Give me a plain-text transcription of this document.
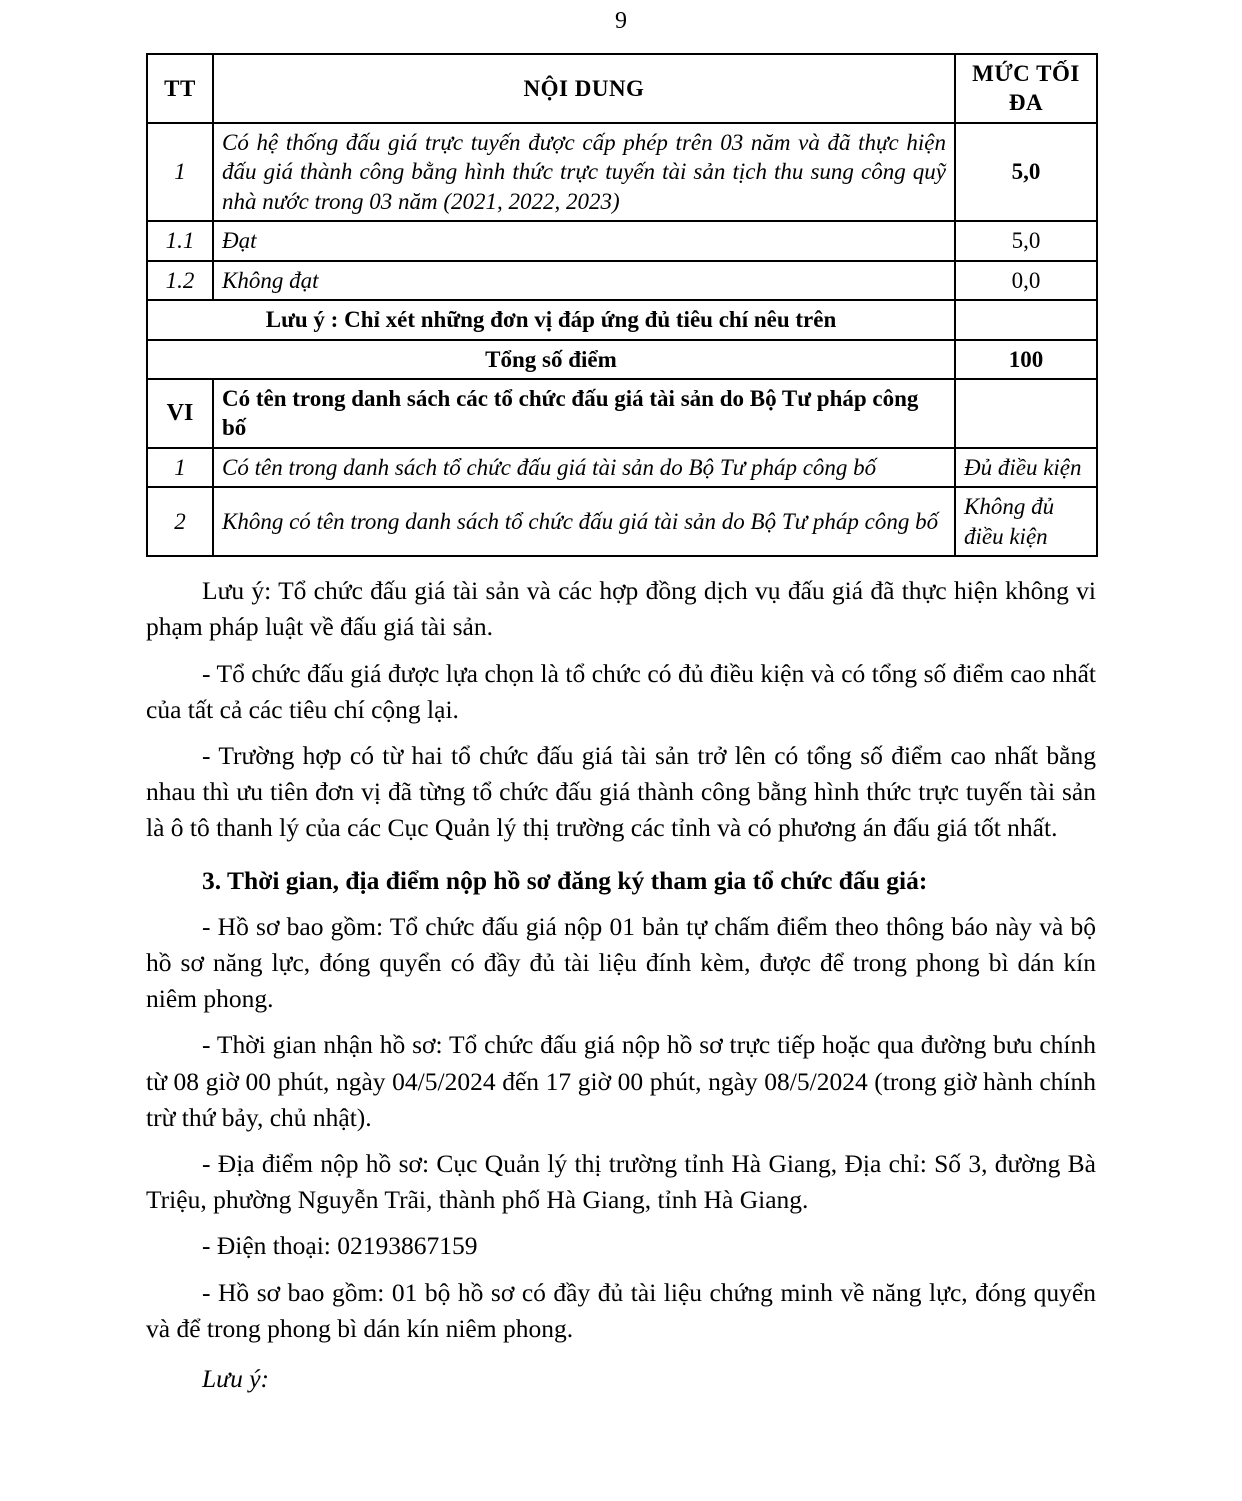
9
TT	NỘI DUNG	MỨC TỐI ĐA
1	Có hệ thống đấu giá trực tuyến được cấp phép trên 03 năm và đã thực hiện đấu giá thành công bằng hình thức trực tuyến tài sản tịch thu sung công quỹ nhà nước trong 03 năm (2021, 2022, 2023)	5,0
1.1	Đạt	5,0
1.2	Không đạt	0,0
Lưu ý : Chỉ xét những đơn vị đáp ứng đủ tiêu chí nêu trên		
Tổng số điểm		100
VI	Có tên trong danh sách các tổ chức đấu giá tài sản do Bộ Tư pháp công bố	
1	Có tên trong danh sách tổ chức đấu giá tài sản do Bộ Tư pháp công bố	Đủ điều kiện
2	Không có tên trong danh sách tổ chức đấu giá tài sản do Bộ Tư pháp công bố	Không đủ điều kiện

Lưu ý: Tổ chức đấu giá tài sản và các hợp đồng dịch vụ đấu giá đã thực hiện không vi phạm pháp luật về đấu giá tài sản.

- Tổ chức đấu giá được lựa chọn là tổ chức có đủ điều kiện và có tổng số điểm cao nhất của tất cả các tiêu chí cộng lại.

- Trường hợp có từ hai tổ chức đấu giá tài sản trở lên có tổng số điểm cao nhất bằng nhau thì ưu tiên đơn vị đã từng tổ chức đấu giá thành công bằng hình thức trực tuyến tài sản là ô tô thanh lý của các Cục Quản lý thị trường các tỉnh và có phương án đấu giá tốt nhất.

3. Thời gian, địa điểm nộp hồ sơ đăng ký tham gia tổ chức đấu giá:

- Hồ sơ bao gồm: Tổ chức đấu giá nộp 01 bản tự chấm điểm theo thông báo này và bộ hồ sơ năng lực, đóng quyển có đầy đủ tài liệu đính kèm, được để trong phong bì dán kín niêm phong.

- Thời gian nhận hồ sơ: Tổ chức đấu giá nộp hồ sơ trực tiếp hoặc qua đường bưu chính từ 08 giờ 00 phút, ngày 04/5/2024 đến 17 giờ 00 phút, ngày 08/5/2024 (trong giờ hành chính trừ thứ bảy, chủ nhật).

- Địa điểm nộp hồ sơ: Cục Quản lý thị trường tỉnh Hà Giang, Địa chỉ: Số 3, đường Bà Triệu, phường Nguyễn Trãi, thành phố Hà Giang, tỉnh Hà Giang.

- Điện thoại: 02193867159

- Hồ sơ bao gồm: 01 bộ hồ sơ có đầy đủ tài liệu chứng minh về năng lực, đóng quyển và để trong phong bì dán kín niêm phong.

Lưu ý:
